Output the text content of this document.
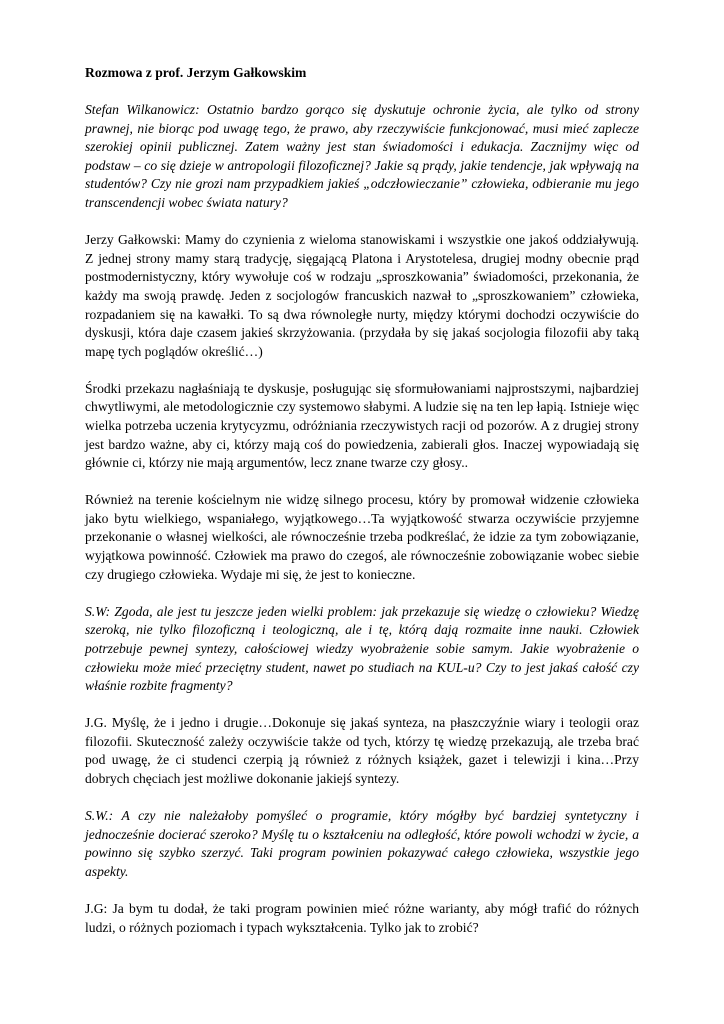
Rozmowa z prof. Jerzym Gałkowskim

Stefan Wilkanowicz: Ostatnio bardzo gorąco się dyskutuje ochronie życia, ale tylko od strony prawnej, nie biorąc pod uwagę tego, że prawo, aby rzeczywiście funkcjonować, musi mieć zaplecze szerokiej opinii publicznej. Zatem ważny jest stan świadomości i edukacja. Zacznijmy więc od podstaw – co się dzieje w antropologii filozoficznej? Jakie są prądy, jakie tendencje, jak wpływają na studentów? Czy nie grozi nam przypadkiem jakieś „odczłowieczanie” człowieka, odbieranie mu jego transcendencji wobec świata natury?

Jerzy Gałkowski: Mamy do czynienia z wieloma stanowiskami i wszystkie one jakoś oddziaływują. Z jednej strony mamy starą tradycję, sięgającą Platona i Arystotelesa, drugiej modny obecnie prąd postmodernistyczny, który wywołuje coś w rodzaju „sproszkowania” świadomości, przekonania, że każdy ma swoją prawdę. Jeden z socjologów francuskich nazwał to „sproszkowaniem” człowieka, rozpadaniem się na kawałki. To są dwa równoległe nurty, między którymi dochodzi oczywiście do dyskusji, która daje czasem jakieś skrzyżowania. (przydała by się jakaś socjologia filozofii aby taką mapę tych poglądów określić…)

Środki przekazu nagłaśniają te dyskusje, posługując się sformułowaniami najprostszymi, najbardziej chwytliwymi, ale metodologicznie czy systemowo słabymi. A ludzie się na ten lep łapią. Istnieje więc wielka potrzeba uczenia krytycyzmu, odróżniania rzeczywistych racji od pozorów. A z drugiej strony jest bardzo ważne, aby ci, którzy mają coś do powiedzenia, zabierali głos. Inaczej wypowiadają się głównie ci, którzy nie mają argumentów, lecz znane twarze czy głosy..

Również na terenie kościelnym nie widzę silnego procesu, który by promował widzenie człowieka jako bytu wielkiego, wspaniałego, wyjątkowego…Ta wyjątkowość stwarza oczywiście przyjemne przekonanie o własnej wielkości, ale równocześnie trzeba podkreślać, że idzie za tym zobowiązanie, wyjątkowa powinność. Człowiek ma prawo do czegoś, ale równocześnie zobowiązanie wobec siebie czy drugiego człowieka. Wydaje mi się, że jest to konieczne.

S.W: Zgoda, ale jest tu jeszcze jeden wielki problem: jak przekazuje się wiedzę o człowieku? Wiedzę szeroką, nie tylko filozoficzną i teologiczną, ale i tę, którą dają rozmaite inne nauki. Człowiek potrzebuje pewnej syntezy, całościowej wiedzy wyobrażenie sobie samym. Jakie wyobrażenie o człowieku może mieć przeciętny student, nawet po studiach na KUL-u? Czy to jest jakaś całość czy właśnie rozbite fragmenty?

J.G. Myślę, że i jedno i drugie…Dokonuje się jakaś synteza, na płaszczyźnie wiary i teologii oraz filozofii. Skuteczność zależy oczywiście także od tych, którzy tę wiedzę przekazują, ale trzeba brać pod uwagę, że ci studenci czerpią ją również z różnych książek, gazet i telewizji i kina…Przy dobrych chęciach jest możliwe dokonanie jakiejś syntezy.

S.W.: A czy nie należałoby pomyśleć o programie, który mógłby być bardziej syntetyczny i jednocześnie docierać szeroko? Myślę tu o kształceniu na odległość, które powoli wchodzi w życie, a powinno się szybko szerzyć. Taki program powinien pokazywać całego człowieka, wszystkie jego aspekty.

J.G: Ja bym tu dodał, że taki program powinien mieć różne warianty, aby mógł trafić do różnych ludzi, o różnych poziomach i typach wykształcenia. Tylko jak to zrobić?
